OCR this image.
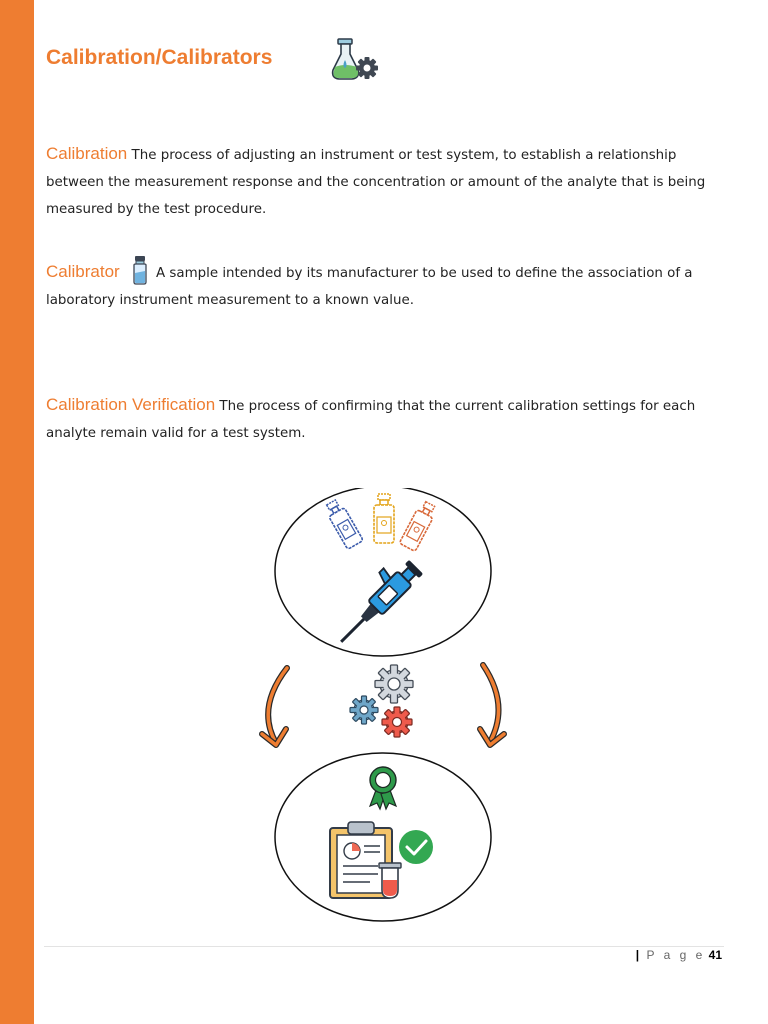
Calibration/Calibrators

Calibration The process of adjusting an instrument or test system, to establish a relationship between the measurement response and the concentration or amount of the analyte that is being measured by the test procedure.

Calibrator	A sample intended by its manufacturer to be used to define the association of a laboratory instrument measurement to a known value.

Calibration Verification The process of confirming that the current calibration settings for each analyte remain valid for a test system.

| P a g e 41
